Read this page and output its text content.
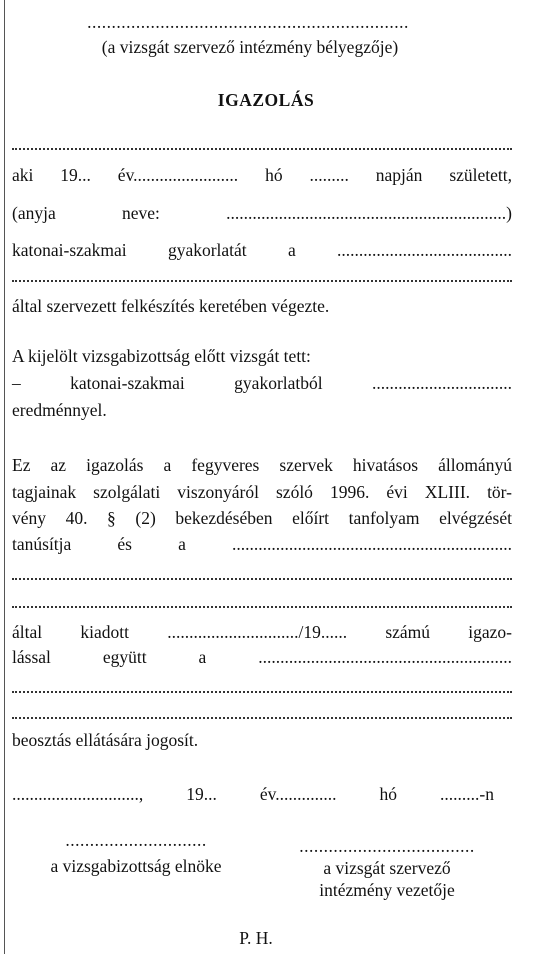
..................................................................
(a vizsgát szervező intézmény bélyegzője)
IGAZOLÁS
aki 19... év........................ hó ......... napján született,
(anyja neve: ................................................................)
katonai-szakmai gyakorlatát a ........................................
által szervezett felkészítés keretében végezte.
A kijelölt vizsgabizottság előtt vizsgát tett:
– katonai-szakmai gyakorlatból ................................
eredménnyel.
Ez az igazolás a fegyveres szervek hivatásos állományú
tagjainak szolgálati viszonyáról szóló 1996. évi XLIII. tör-
vény 40. § (2) bekezdésében előírt tanfolyam elvégzését
tanúsítja és a ................................................................
által kiadott ............................../19...... számú igazo-
lással együtt a ..........................................................
beosztás ellátására jogosít.
............................., 19... év.............. hó .........-n
.............................
a vizsgabizottság elnöke
....................................
a vizsgát szervező
intézmény vezetője
P. H.
